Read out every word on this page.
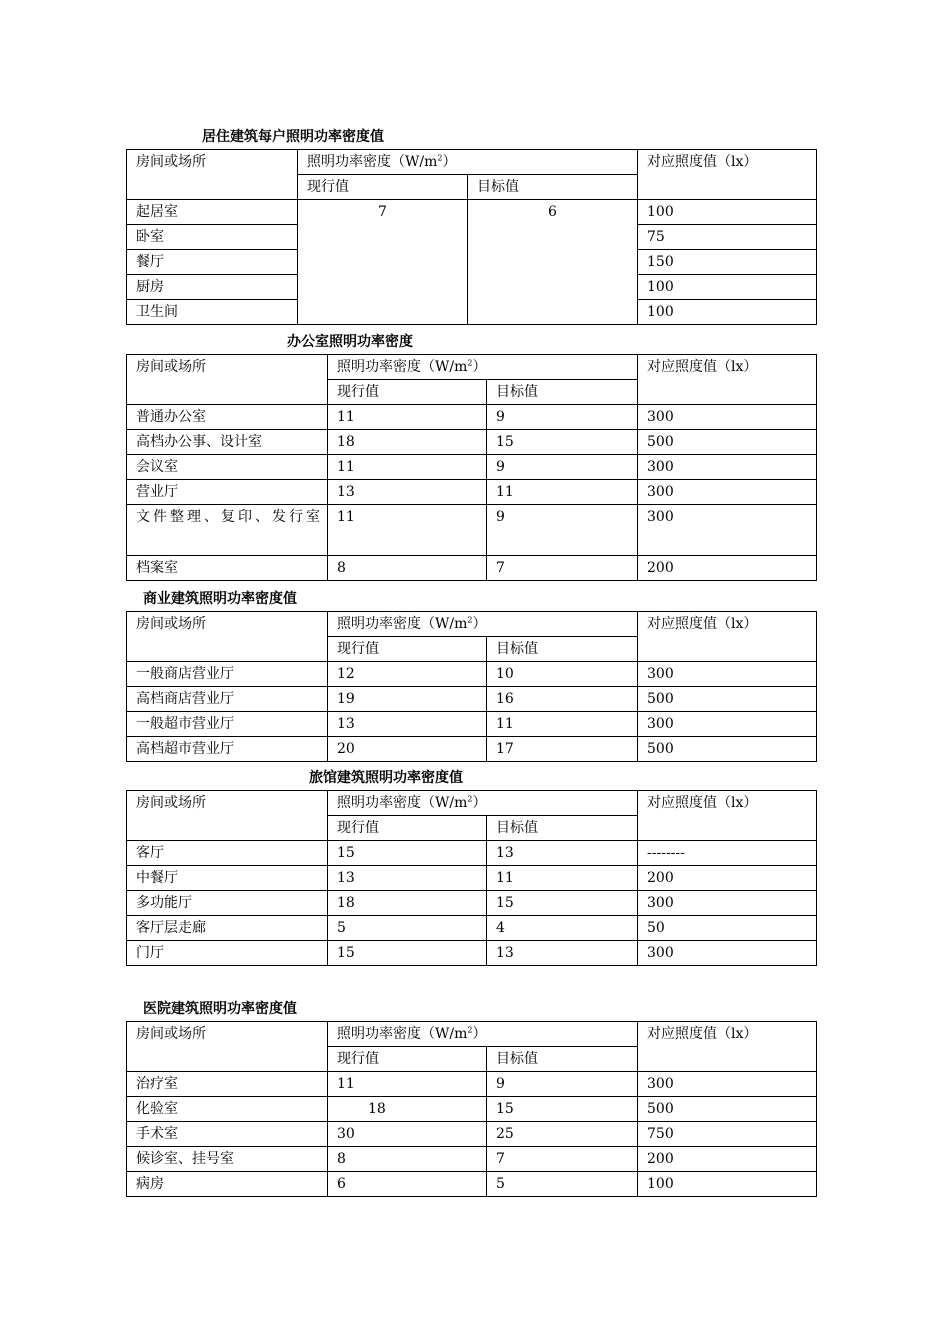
居住建筑每户照明功率密度值
房间或场所	照明功率密度$(W/m^2)$		对应照度值（lx）
	现行值	目标值	
起居室	7	6	100
卧室			75
餐厅			150
厨房			100
卫生间			100
办公室照明功率密度
房间或场所	照明功率密度$(W/m^2)$		对应照度值（lx）
	现行值	目标值	
普通办公室	11	9	300
高档办公事、设计室	18	15	500
会议室	11	9	300
营业厅	13	11	300
文件整理、复印、发行室	11	9	300
档案室	8	7	200
商业建筑照明功率密度值
房间或场所	照明功率密度$(W/m^2)$		对应照度值（lx）
	现行值	目标值	
一般商店营业厅	12	10	300
高档商店营业厅	19	16	500
一般超市营业厅	13	11	300
高档超市营业厅	20	17	500
旅馆建筑照明功率密度值
房间或场所	照明功率密度$(W/m^2)$		对应照度值（lx）
	现行值	目标值	
客厅	15	13	--------
中餐厅	13	11	200
多功能厅	18	15	300
客厅层走廊	5	4	50
门厅	15	13	300
医院建筑照明功率密度值
房间或场所	照明功率密度$(W/m^2)$		对应照度值（lx）
	现行值	目标值	
治疗室	11	9	300
化验室	18	15	500
手术室	30	25	750
候诊室、挂号室	8	7	200
病房	6	5	100
